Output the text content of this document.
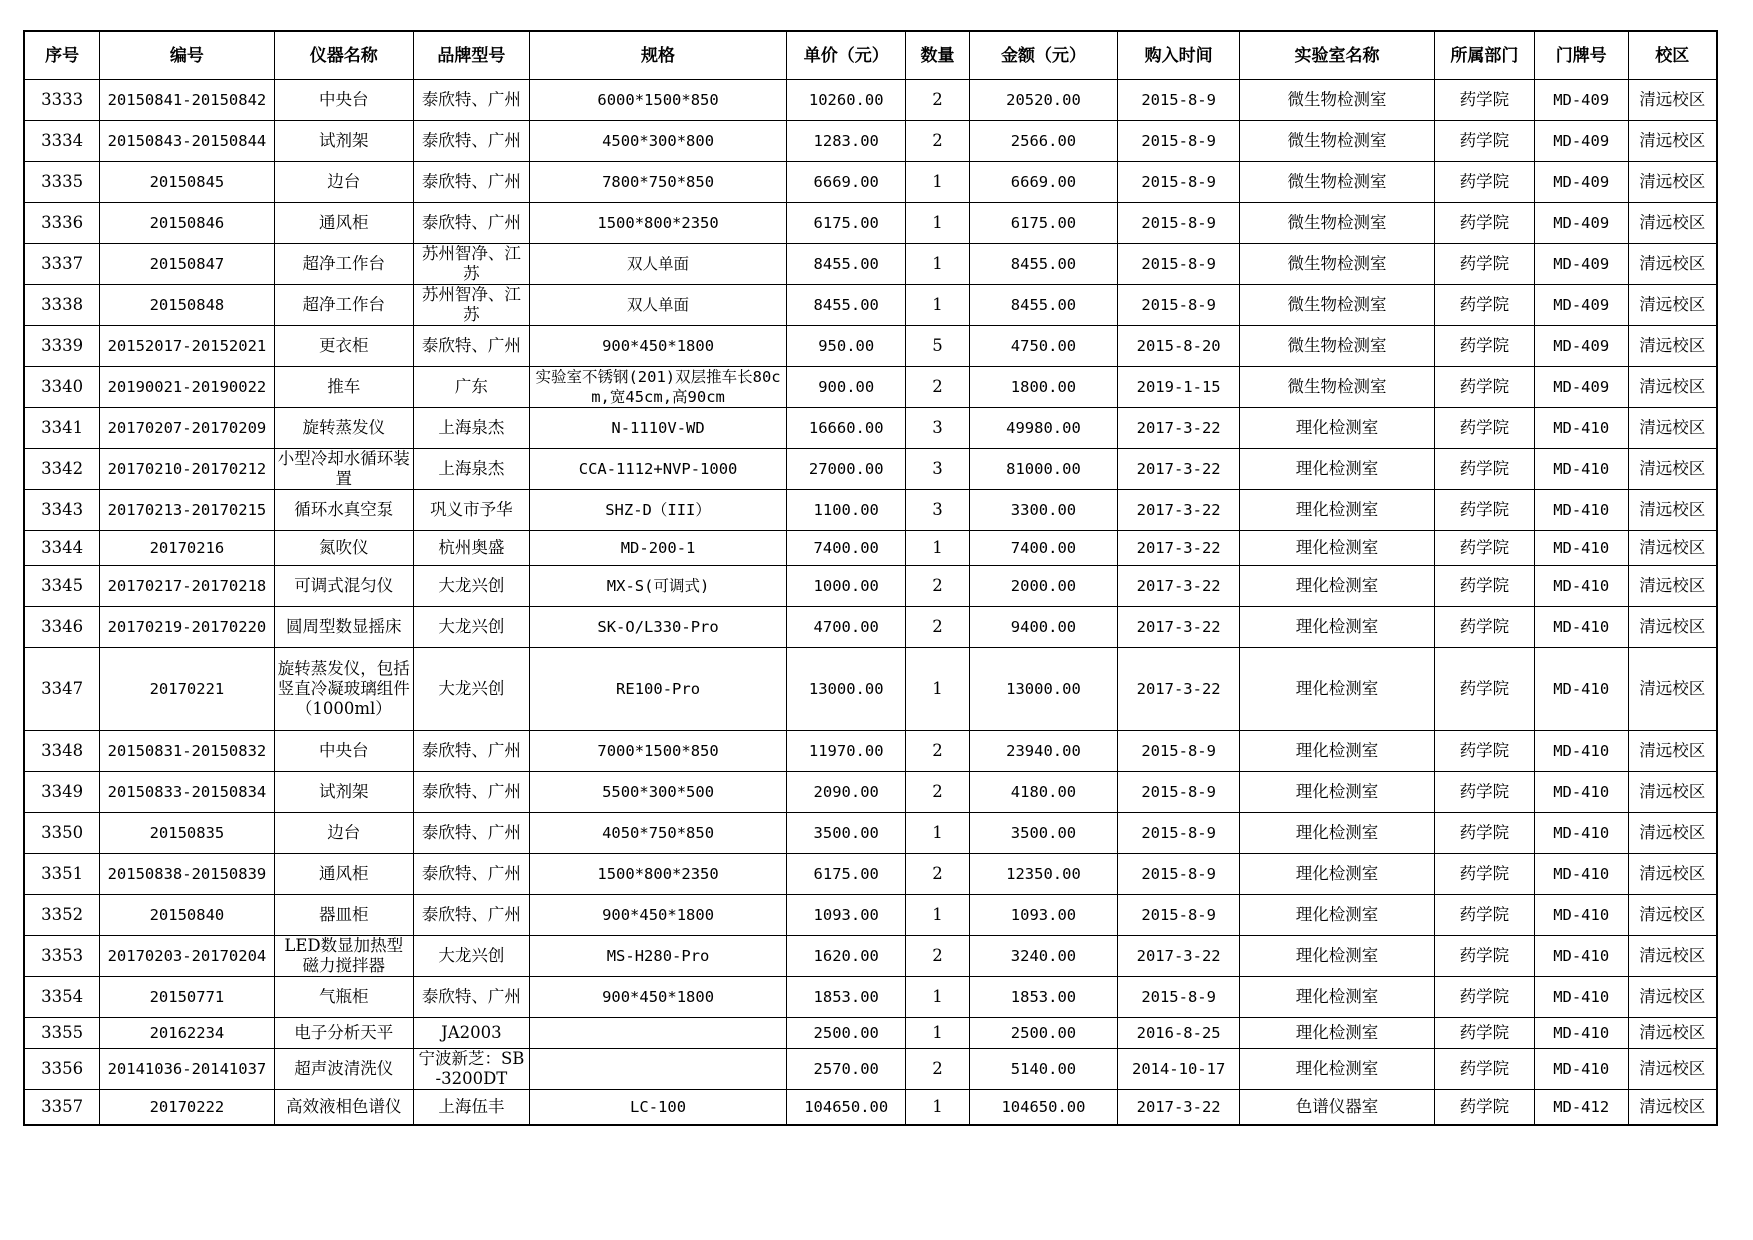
序号	编号	仪器名称	品牌型号	规格	单价（元）	数量	金额（元）	购入时间	实验室名称	所属部门	门牌号	校区
3333	20150841-20150842	中央台	泰欣特、广州	6000*1500*850	10260.00	2	20520.00	2015-8-9	微生物检测室	药学院	MD-409	清远校区
3334	20150843-20150844	试剂架	泰欣特、广州	4500*300*800	1283.00	2	2566.00	2015-8-9	微生物检测室	药学院	MD-409	清远校区
3335	20150845	边台	泰欣特、广州	7800*750*850	6669.00	1	6669.00	2015-8-9	微生物检测室	药学院	MD-409	清远校区
3336	20150846	通风柜	泰欣特、广州	1500*800*2350	6175.00	1	6175.00	2015-8-9	微生物检测室	药学院	MD-409	清远校区
3337	20150847	超净工作台	苏州智净、江苏	双人单面	8455.00	1	8455.00	2015-8-9	微生物检测室	药学院	MD-409	清远校区
3338	20150848	超净工作台	苏州智净、江苏	双人单面	8455.00	1	8455.00	2015-8-9	微生物检测室	药学院	MD-409	清远校区
3339	20152017-20152021	更衣柜	泰欣特、广州	900*450*1800	950.00	5	4750.00	2015-8-20	微生物检测室	药学院	MD-409	清远校区
3340	20190021-20190022	推车	广东	实验室不锈钢(201)双层推车长80cm,宽45cm,高90cm	900.00	2	1800.00	2019-1-15	微生物检测室	药学院	MD-409	清远校区
3341	20170207-20170209	旋转蒸发仪	上海泉杰	N-1110V-WD	16660.00	3	49980.00	2017-3-22	理化检测室	药学院	MD-410	清远校区
3342	20170210-20170212	小型冷却水循环装置	上海泉杰	CCA-1112+NVP-1000	27000.00	3	81000.00	2017-3-22	理化检测室	药学院	MD-410	清远校区
3343	20170213-20170215	循环水真空泵	巩义市予华	SHZ-D（III）	1100.00	3	3300.00	2017-3-22	理化检测室	药学院	MD-410	清远校区
3344	20170216	氮吹仪	杭州奥盛	MD-200-1	7400.00	1	7400.00	2017-3-22	理化检测室	药学院	MD-410	清远校区
3345	20170217-20170218	可调式混匀仪	大龙兴创	MX-S(可调式)	1000.00	2	2000.00	2017-3-22	理化检测室	药学院	MD-410	清远校区
3346	20170219-20170220	圆周型数显摇床	大龙兴创	SK-O/L330-Pro	4700.00	2	9400.00	2017-3-22	理化检测室	药学院	MD-410	清远校区
3347	20170221	旋转蒸发仪，包括竖直冷凝玻璃组件（1000ml）	大龙兴创	RE100-Pro	13000.00	1	13000.00	2017-3-22	理化检测室	药学院	MD-410	清远校区
3348	20150831-20150832	中央台	泰欣特、广州	7000*1500*850	11970.00	2	23940.00	2015-8-9	理化检测室	药学院	MD-410	清远校区
3349	20150833-20150834	试剂架	泰欣特、广州	5500*300*500	2090.00	2	4180.00	2015-8-9	理化检测室	药学院	MD-410	清远校区
3350	20150835	边台	泰欣特、广州	4050*750*850	3500.00	1	3500.00	2015-8-9	理化检测室	药学院	MD-410	清远校区
3351	20150838-20150839	通风柜	泰欣特、广州	1500*800*2350	6175.00	2	12350.00	2015-8-9	理化检测室	药学院	MD-410	清远校区
3352	20150840	器皿柜	泰欣特、广州	900*450*1800	1093.00	1	1093.00	2015-8-9	理化检测室	药学院	MD-410	清远校区
3353	20170203-20170204	LED数显加热型磁力搅拌器	大龙兴创	MS-H280-Pro	1620.00	2	3240.00	2017-3-22	理化检测室	药学院	MD-410	清远校区
3354	20150771	气瓶柜	泰欣特、广州	900*450*1800	1853.00	1	1853.00	2015-8-9	理化检测室	药学院	MD-410	清远校区
3355	20162234	电子分析天平	JA2003		2500.00	1	2500.00	2016-8-25	理化检测室	药学院	MD-410	清远校区
3356	20141036-20141037	超声波清洗仪	宁波新芝：SB-3200DT		2570.00	2	5140.00	2014-10-17	理化检测室	药学院	MD-410	清远校区
3357	20170222	高效液相色谱仪	上海伍丰	LC-100	104650.00	1	104650.00	2017-3-22	色谱仪器室	药学院	MD-412	清远校区
